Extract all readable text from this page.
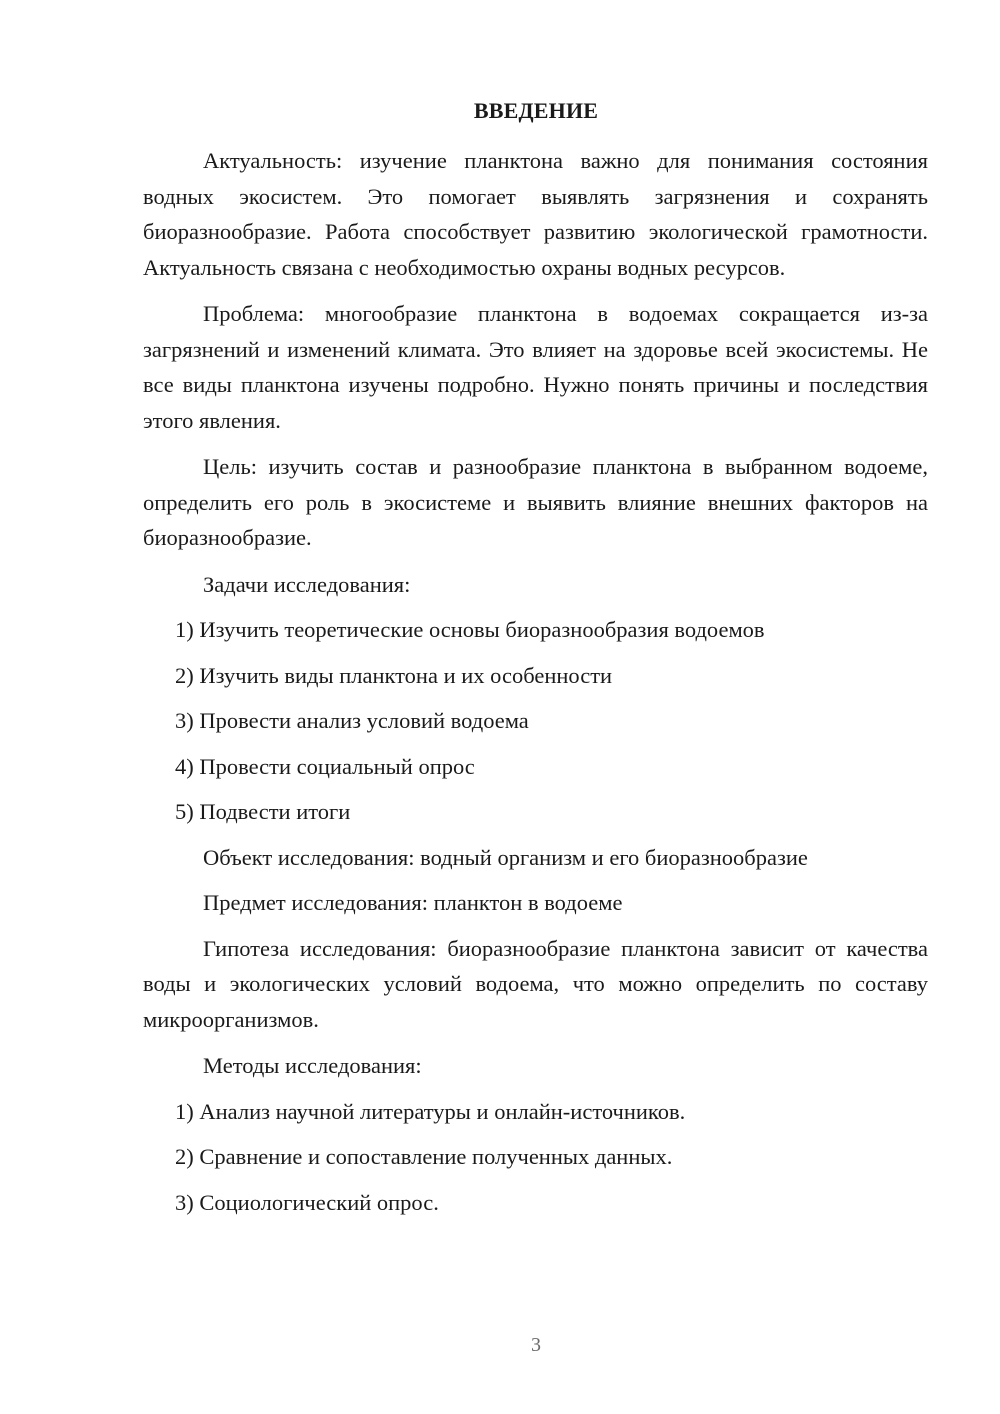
ВВЕДЕНИЕ

Актуальность: изучение планктона важно для понимания состояния водных экосистем. Это помогает выявлять загрязнения и сохранять биоразнообразие. Работа способствует развитию экологической грамотности. Актуальность связана с необходимостью охраны водных ресурсов.

Проблема: многообразие планктона в водоемах сокращается из-за загрязнений и изменений климата. Это влияет на здоровье всей экосистемы. Не все виды планктона изучены подробно. Нужно понять причины и последствия этого явления.

Цель: изучить состав и разнообразие планктона в выбранном водоеме, определить его роль в экосистеме и выявить влияние внешних факторов на биоразнообразие.

Задачи исследования:

1) Изучить теоретические основы биоразнообразия водоемов

2) Изучить виды планктона и их особенности

3) Провести анализ условий водоема

4) Провести социальный опрос

5) Подвести итоги

Объект исследования: водный организм и его биоразнообразие

Предмет исследования: планктон в водоеме

Гипотеза исследования: биоразнообразие планктона зависит от качества воды и экологических условий водоема, что можно определить по составу микроорганизмов.

Методы исследования:

1) Анализ научной литературы и онлайн-источников.

2) Сравнение и сопоставление полученных данных.

3) Социологический опрос.

3
